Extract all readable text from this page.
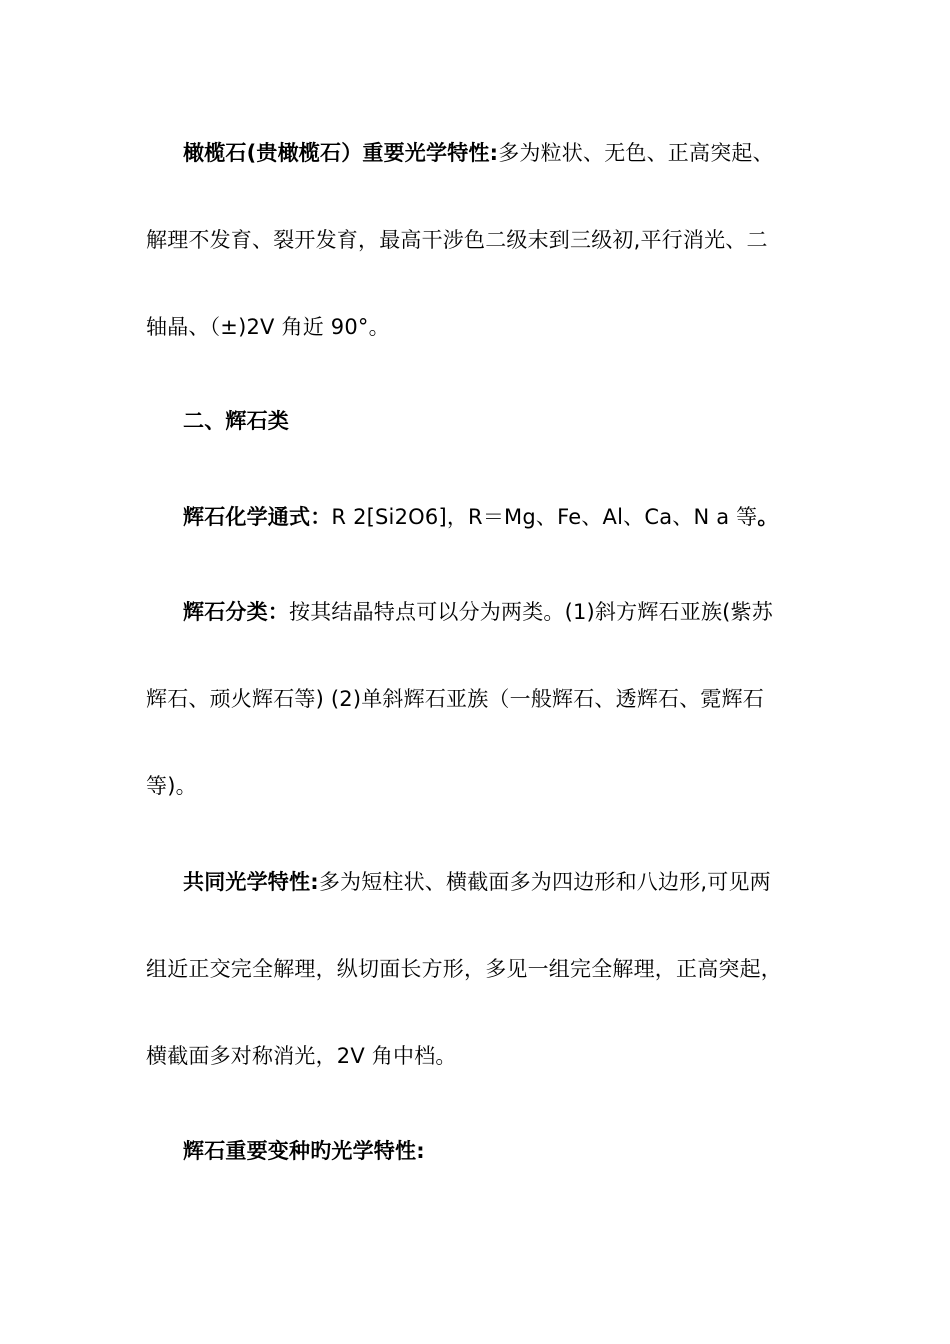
橄榄石(贵橄榄石）重要光学特性:多为粒状、无色、正高突起、
解理不发育、裂开发育，最高干涉色二级末到三级初,平行消光、二
轴晶、（±)2V 角近 90°。
二、辉石类
辉石化学通式：R 2[Si2O6]，R＝Mg、Fe、Al、Ca、N a 等。
辉石分类：按其结晶特点可以分为两类。(1)斜方辉石亚族(紫苏
辉石、顽火辉石等) (2)单斜辉石亚族（一般辉石、透辉石、霓辉石
等)。
共同光学特性:多为短柱状、横截面多为四边形和八边形,可见两
组近正交完全解理，纵切面长方形，多见一组完全解理，正高突起，
横截面多对称消光，2V 角中档。
辉石重要变种旳光学特性:
